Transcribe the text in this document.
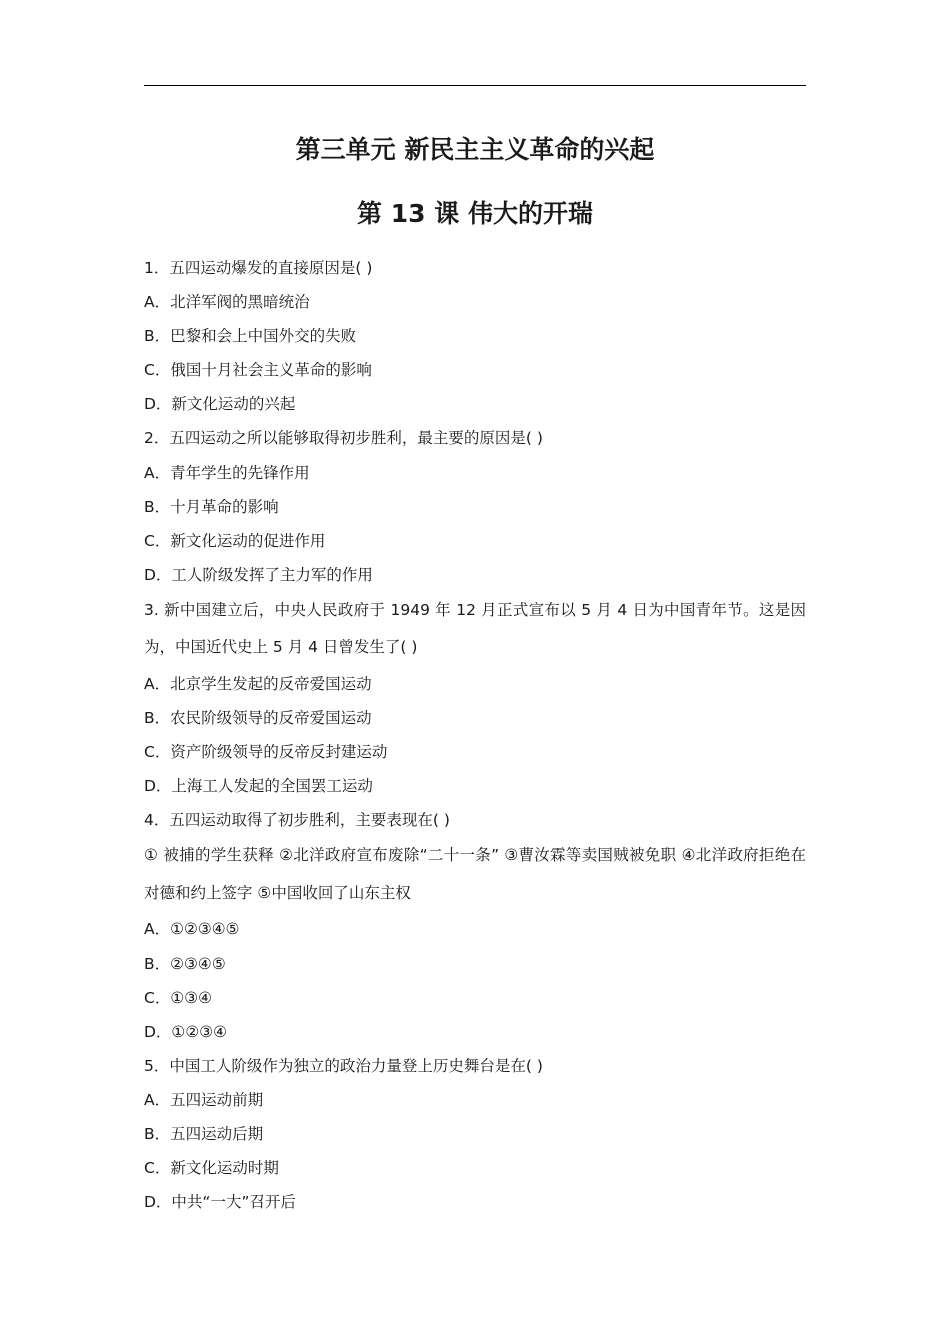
第三单元 新民主主义革命的兴起
第 13 课 伟大的开瑞
1．五四运动爆发的直接原因是( )
A．北洋军阀的黑暗统治
B．巴黎和会上中国外交的失败
C．俄国十月社会主义革命的影响
D．新文化运动的兴起
2．五四运动之所以能够取得初步胜利，最主要的原因是( )
A．青年学生的先锋作用
B．十月革命的影响
C．新文化运动的促进作用
D．工人阶级发挥了主力军的作用
3. 新中国建立后，中央人民政府于 1949 年 12 月正式宣布以 5 月 4 日为中国青年节。这是因为，中国近代史上 5 月 4 日曾发生了( )
A．北京学生发起的反帝爱国运动
B．农民阶级领导的反帝爱国运动
C．资产阶级领导的反帝反封建运动
D．上海工人发起的全国罢工运动
4．五四运动取得了初步胜利，主要表现在( )
① 被捕的学生获释 ②北洋政府宣布废除“二十一条” ③曹汝霖等卖国贼被免职 ④北洋政府拒绝在对德和约上签字 ⑤中国收回了山东主权
A．①②③④⑤
B．②③④⑤
C．①③④
D．①②③④
5．中国工人阶级作为独立的政治力量登上历史舞台是在( )
A．五四运动前期
B．五四运动后期
C．新文化运动时期
D．中共“一大”召开后
